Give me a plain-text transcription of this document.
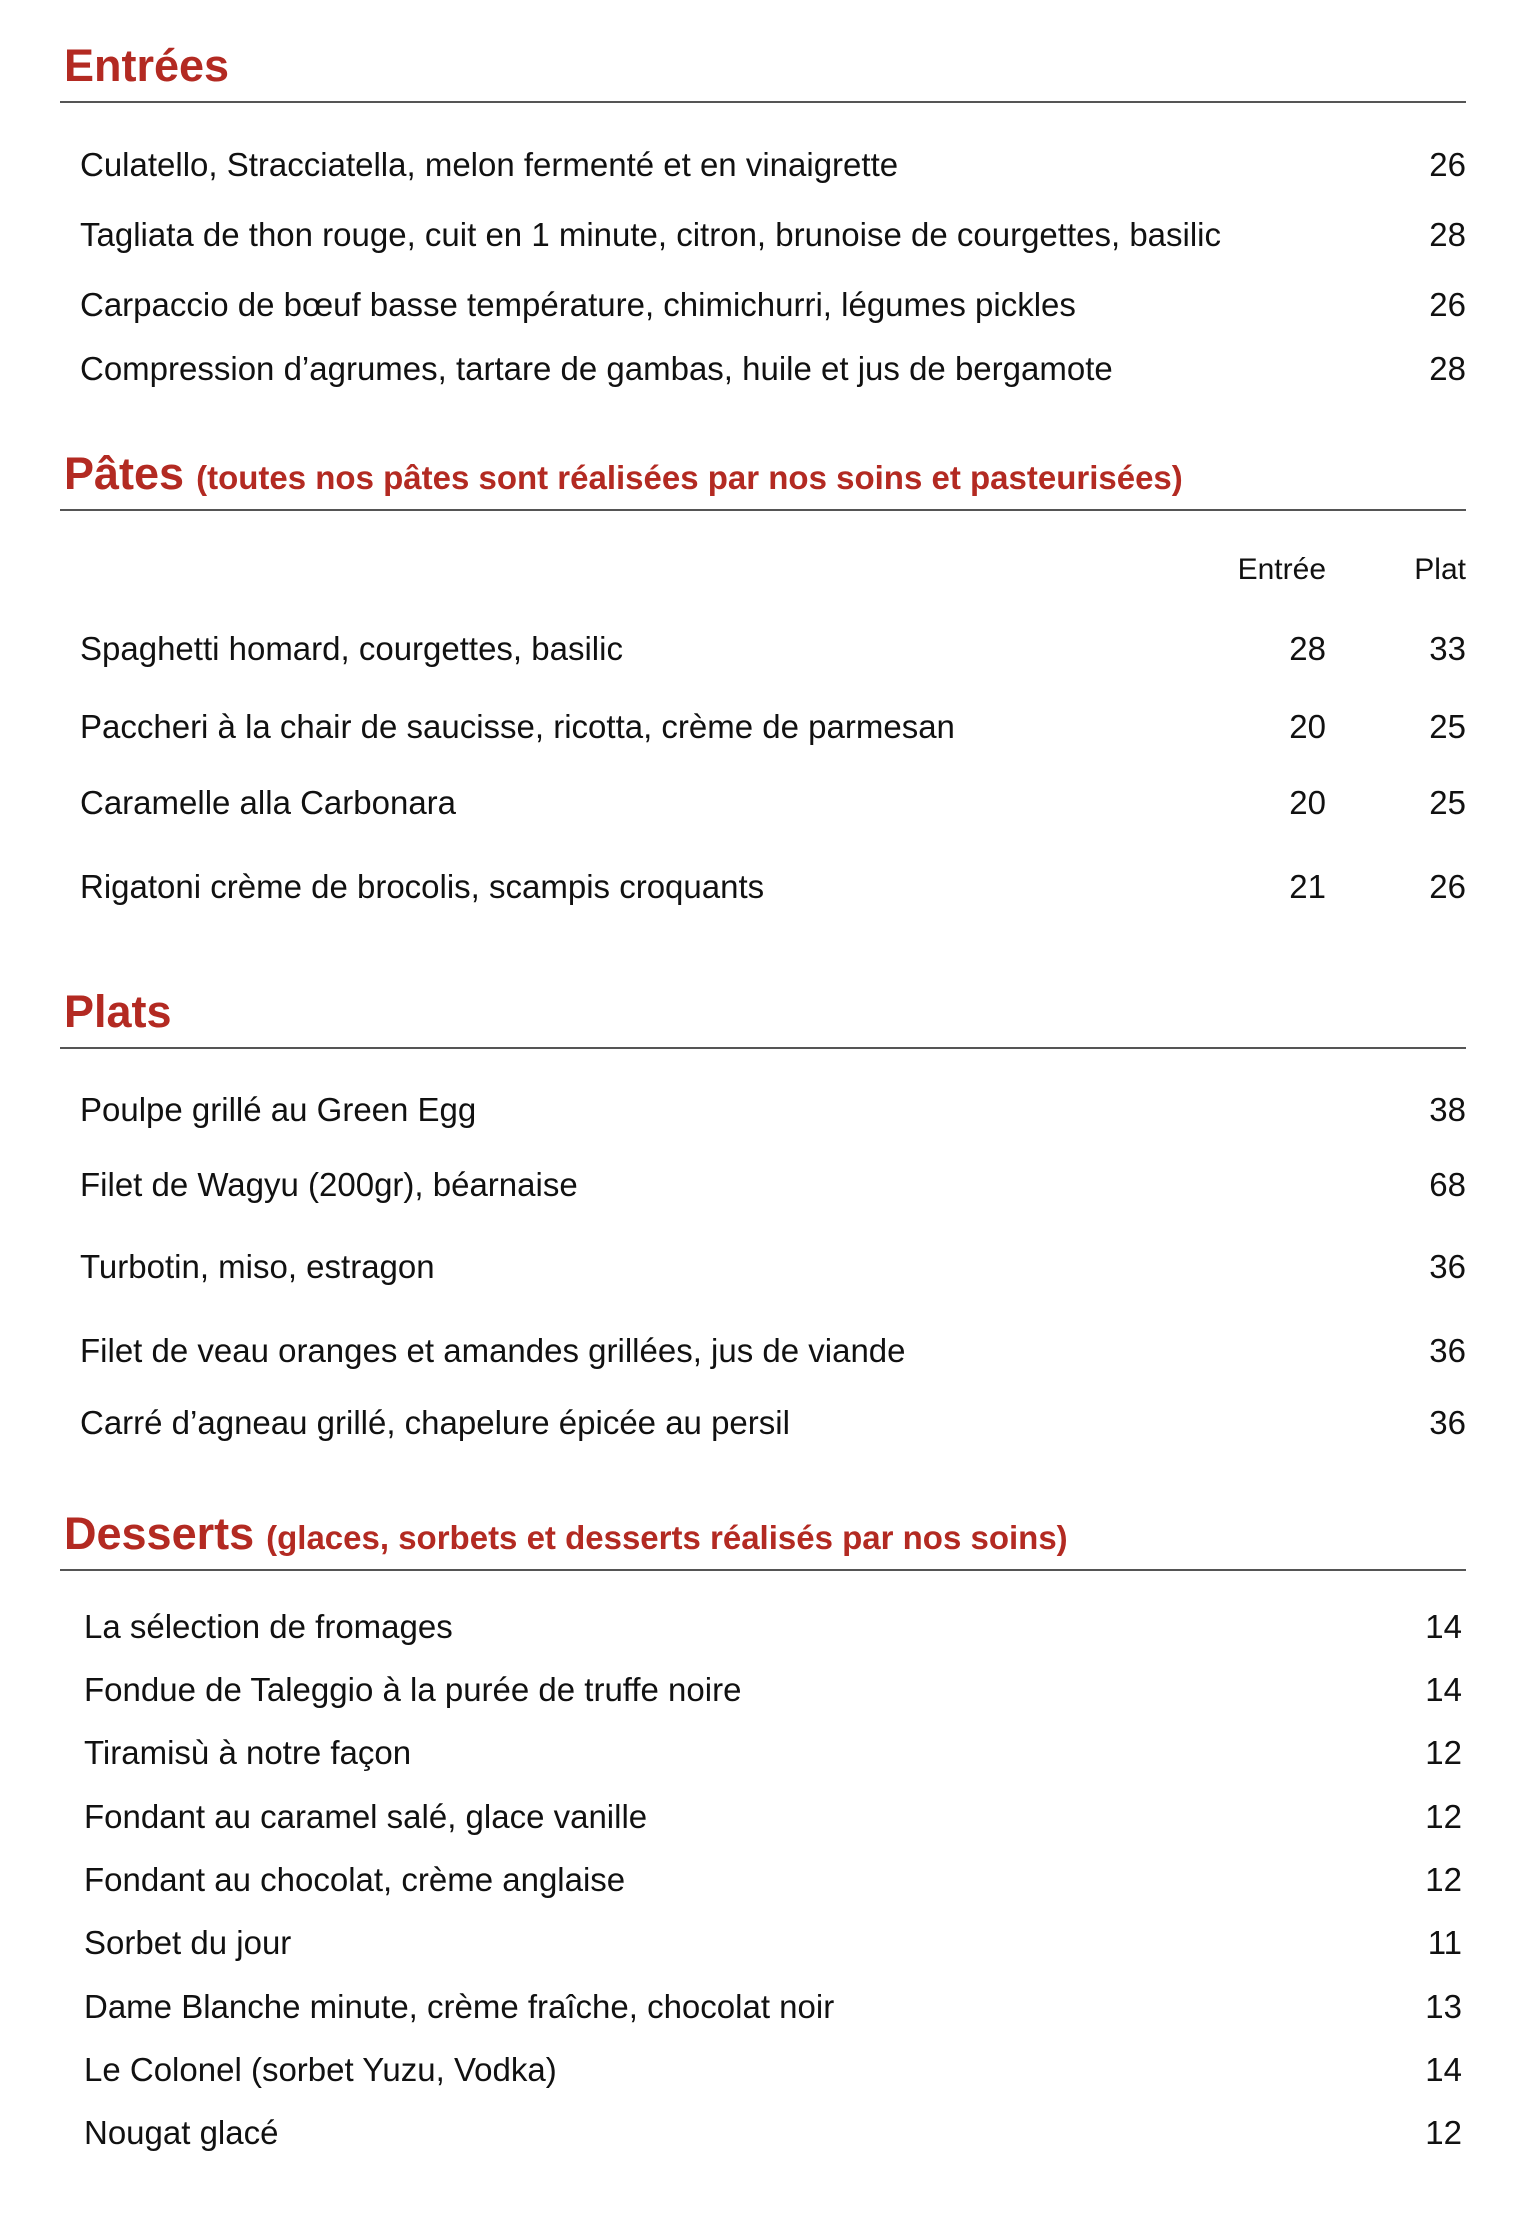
Entrées
Culatello, Stracciatella, melon fermenté et en vinaigrette	26
Tagliata de thon rouge, cuit en 1 minute, citron, brunoise de courgettes, basilic	28
Carpaccio de bœuf basse température, chimichurri, légumes pickles	26
Compression d’agrumes, tartare de gambas, huile et jus de bergamote	28
Pâtes (toutes nos pâtes sont réalisées par nos soins et pasteurisées)
Entrée	Plat
Spaghetti homard, courgettes, basilic	28	33
Paccheri à la chair de saucisse, ricotta, crème de parmesan	20	25
Caramelle alla Carbonara	20	25
Rigatoni crème de brocolis, scampis croquants	21	26
Plats
Poulpe grillé au Green Egg	38
Filet de Wagyu (200gr), béarnaise	68
Turbotin, miso, estragon	36
Filet de veau oranges et amandes grillées, jus de viande	36
Carré d’agneau grillé, chapelure épicée au persil	36
Desserts (glaces, sorbets et desserts réalisés par nos soins)
La sélection de fromages	14
Fondue de Taleggio à la purée de truffe noire	14
Tiramisù à notre façon	12
Fondant au caramel salé, glace vanille	12
Fondant au chocolat, crème anglaise	12
Sorbet du jour	11
Dame Blanche minute, crème fraîche, chocolat noir	13
Le Colonel (sorbet Yuzu, Vodka)	14
Nougat glacé	12
